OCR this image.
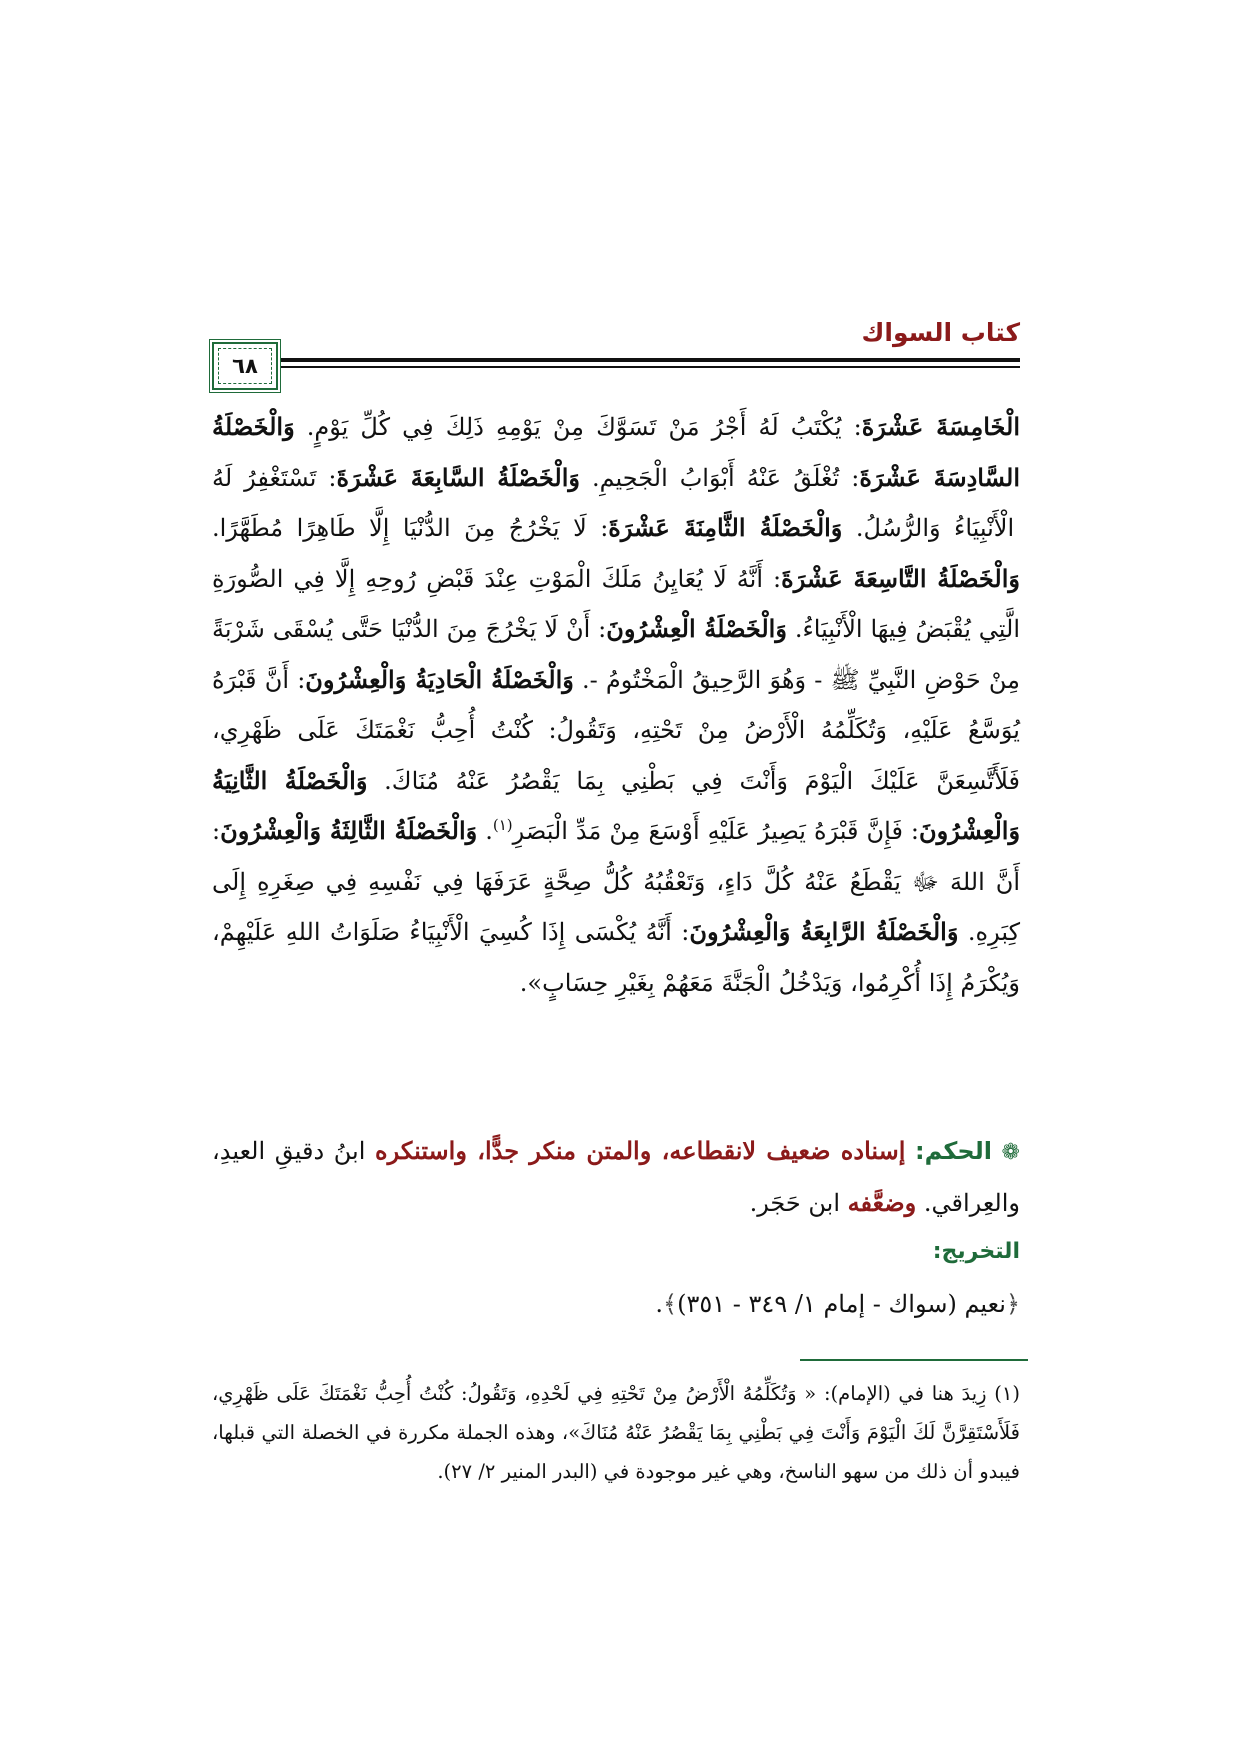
كتاب السواك
٦٨

الْخَامِسَةَ عَشْرَةَ: يُكْتَبُ لَهُ أَجْرُ مَنْ تَسَوَّكَ مِنْ يَوْمِهِ ذَلِكَ فِي كُلِّ يَوْمٍ. وَالْخَصْلَةُ السَّادِسَةَ عَشْرَةَ: تُغْلَقُ عَنْهُ أَبْوَابُ الْجَحِيمِ. وَالْخَصْلَةُ السَّابِعَةَ عَشْرَةَ: تَسْتَغْفِرُ لَهُ الْأَنْبِيَاءُ وَالرُّسُلُ. وَالْخَصْلَةُ الثَّامِنَةَ عَشْرَةَ: لَا يَخْرُجُ مِنَ الدُّنْيَا إِلَّا طَاهِرًا مُطَهَّرًا. وَالْخَصْلَةُ التَّاسِعَةَ عَشْرَةَ: أَنَّهُ لَا يُعَايِنُ مَلَكَ الْمَوْتِ عِنْدَ قَبْضِ رُوحِهِ إِلَّا فِي الصُّورَةِ الَّتِي يُقْبَضُ فِيهَا الْأَنْبِيَاءُ. وَالْخَصْلَةُ الْعِشْرُونَ: أَنْ لَا يَخْرُجَ مِنَ الدُّنْيَا حَتَّى يُسْقَى شَرْبَةً مِنْ حَوْضِ النَّبِيِّ ﷺ - وَهُوَ الرَّحِيقُ الْمَخْتُومُ -. وَالْخَصْلَةُ الْحَادِيَةُ وَالْعِشْرُونَ: أَنَّ قَبْرَهُ يُوَسَّعُ عَلَيْهِ، وَتُكَلِّمُهُ الْأَرْضُ مِنْ تَحْتِهِ، وَتَقُولُ: كُنْتُ أُحِبُّ نَغْمَتَكَ عَلَى ظَهْرِي، فَلَأَتَّسِعَنَّ عَلَيْكَ الْيَوْمَ وَأَنْتَ فِي بَطْنِي بِمَا يَقْصُرُ عَنْهُ مُنَاكَ. وَالْخَصْلَةُ الثَّانِيَةُ وَالْعِشْرُونَ: فَإِنَّ قَبْرَهُ يَصِيرُ عَلَيْهِ أَوْسَعَ مِنْ مَدِّ الْبَصَرِ$^{(١)}$. وَالْخَصْلَةُ الثَّالِثَةُ وَالْعِشْرُونَ: أَنَّ اللهَ ﷻ يَقْطَعُ عَنْهُ كُلَّ دَاءٍ، وَتَعْقُبُهُ كُلُّ صِحَّةٍ عَرَفَهَا فِي نَفْسِهِ فِي صِغَرِهِ إِلَى كِبَرِهِ. وَالْخَصْلَةُ الرَّابِعَةُ وَالْعِشْرُونَ: أَنَّهُ يُكْسَى إِذَا كُسِيَ الْأَنْبِيَاءُ صَلَوَاتُ اللهِ عَلَيْهِمْ، وَيُكْرَمُ إِذَا أُكْرِمُوا، وَيَدْخُلُ الْجَنَّةَ مَعَهُمْ بِغَيْرِ حِسَابٍ».

❁ الحكم: إسناده ضعيف لانقطاعه، والمتن منكر جدًّا، واستنكره ابنُ دقيقِ العيدِ، والعِراقي. وضعَّفه ابن حَجَر.

التخريج:

﴿نعيم (سواك - إمام ١/ ٣٤٩ - ٣٥١)﴾.

(١) زِيدَ هنا في (الإمام): « وَتُكَلِّمُهُ الْأَرْضُ مِنْ تَحْتِهِ فِي لَحْدِهِ، وَتَقُولُ: كُنْتُ أُحِبُّ نَغْمَتَكَ عَلَى ظَهْرِي، فَلَأَسْتَقِرَّنَّ لَكَ الْيَوْمَ وَأَنْتَ فِي بَطْنِي بِمَا يَقْصُرُ عَنْهُ مُنَاكَ»، وهذه الجملة مكررة في الخصلة التي قبلها، فيبدو أن ذلك من سهو الناسخ، وهي غير موجودة في (البدر المنير ٢/ ٢٧).
